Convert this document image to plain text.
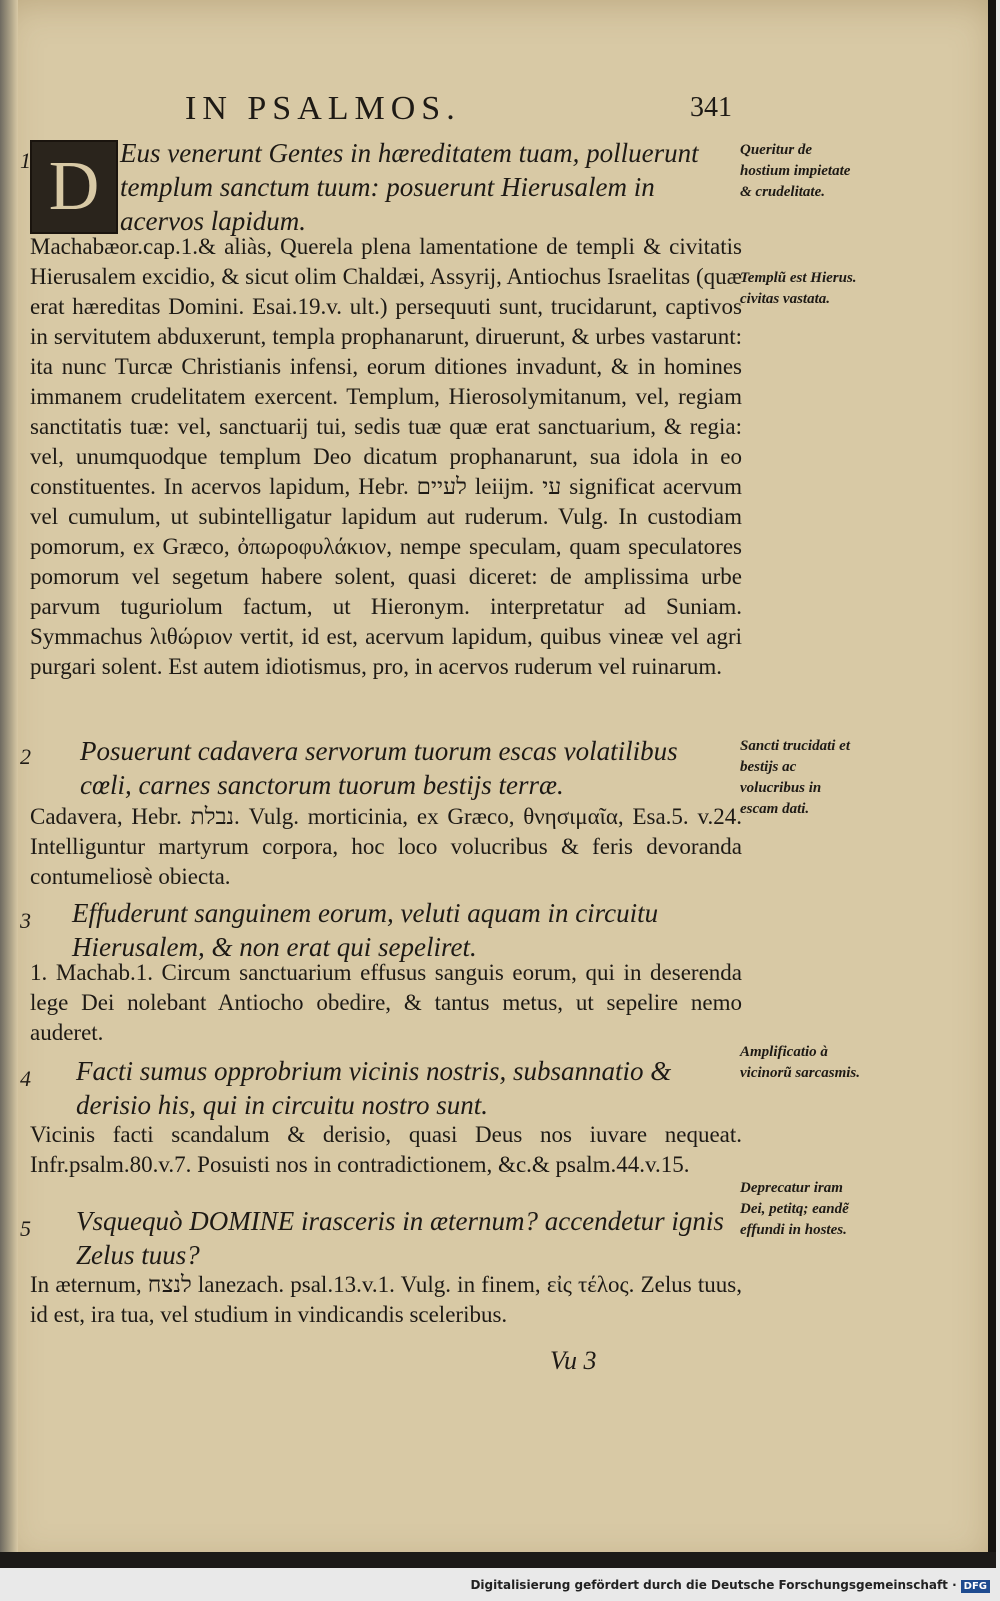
IN PSALMOS.	341
D
1	Eus venerunt Gentes in hæreditatem tuam, polluerunt templum sanctum tuum: posuerunt Hierusalem in acervos lapidum.
Machabæor.cap.1.& aliàs, Querela plena lamentatione de templi & civitatis Hierusalem excidio, & sicut olim Chaldæi, Assyrij, Antiochus Israelitas (quæ erat hæreditas Domini. Esai.19.v. ult.) persequuti sunt, trucidarunt, captivos in servitutem abduxerunt, templa prophanarunt, diruerunt, & urbes vastarunt: ita nunc Turcæ Christianis infensi, eorum ditiones invadunt, & in homines immanem crudelitatem exercent. Templum, Hierosolymitanum, vel, regiam sanctitatis tuæ: vel, sanctuarij tui, sedis tuæ quæ erat sanctuarium, & regia: vel, unumquodque templum Deo dicatum prophanarunt, sua idola in eo constituentes. In acervos lapidum, Hebr. לעיים leiijm. עי significat acervum vel cumulum, ut subintelligatur lapidum aut ruderum. Vulg. In custodiam pomorum, ex Græco, ὀπωροφυλάκιον, nempe speculam, quam speculatores pomorum vel segetum habere solent, quasi diceret: de amplissima urbe parvum tuguriolum factum, ut Hieronym. interpretatur ad Suniam. Symmachus λιθώριον vertit, id est, acervum lapidum, quibus vineæ vel agri purgari solent. Est autem idiotismus, pro, in acervos ruderum vel ruinarum.
Queritur de hostium impietate & crudelitate.
Templũ est Hierus. civitas vastata.
2 Posuerunt cadavera servorum tuorum escas volatilibus cœli, carnes sanctorum tuorum bestijs terræ.
Cadavera, Hebr. נבלת. Vulg. morticinia, ex Græco, θνησιμαῖα, Esa.5. v.24. Intelliguntur martyrum corpora, hoc loco volucribus & feris devoranda contumeliosè obiecta.
Sancti trucidati et bestijs ac volucribus in escam dati.
3 Effuderunt sanguinem eorum, veluti aquam in circuitu Hierusalem, & non erat qui sepeliret.
1. Machab.1. Circum sanctuarium effusus sanguis eorum, qui in deserenda lege Dei nolebant Antiocho obedire, & tantus metus, ut sepelire nemo auderet.
4 Facti sumus opprobrium vicinis nostris, subsannatio & derisio his, qui in circuitu nostro sunt.
Vicinis facti scandalum & derisio, quasi Deus nos iuvare nequeat. Infr.psalm.80.v.7. Posuisti nos in contradictionem, &c.& psalm.44.v.15.
Amplificatio à vicinorũ sarcasmis.
5 Vsquequò DOMINE irasceris in æternum? accendetur ignis Zelus tuus?
In æternum, לנצח lanezach. psal.13.v.1. Vulg. in finem, εἰς τέλος. Zelus tuus, id est, ira tua, vel studium in vindicandis sceleribus.
Deprecatur iram Dei, petitq; eandẽ effundi in hostes.
Vu 3
Digitalisierung gefördert durch die Deutsche Forschungsgemeinschaft · DFG
